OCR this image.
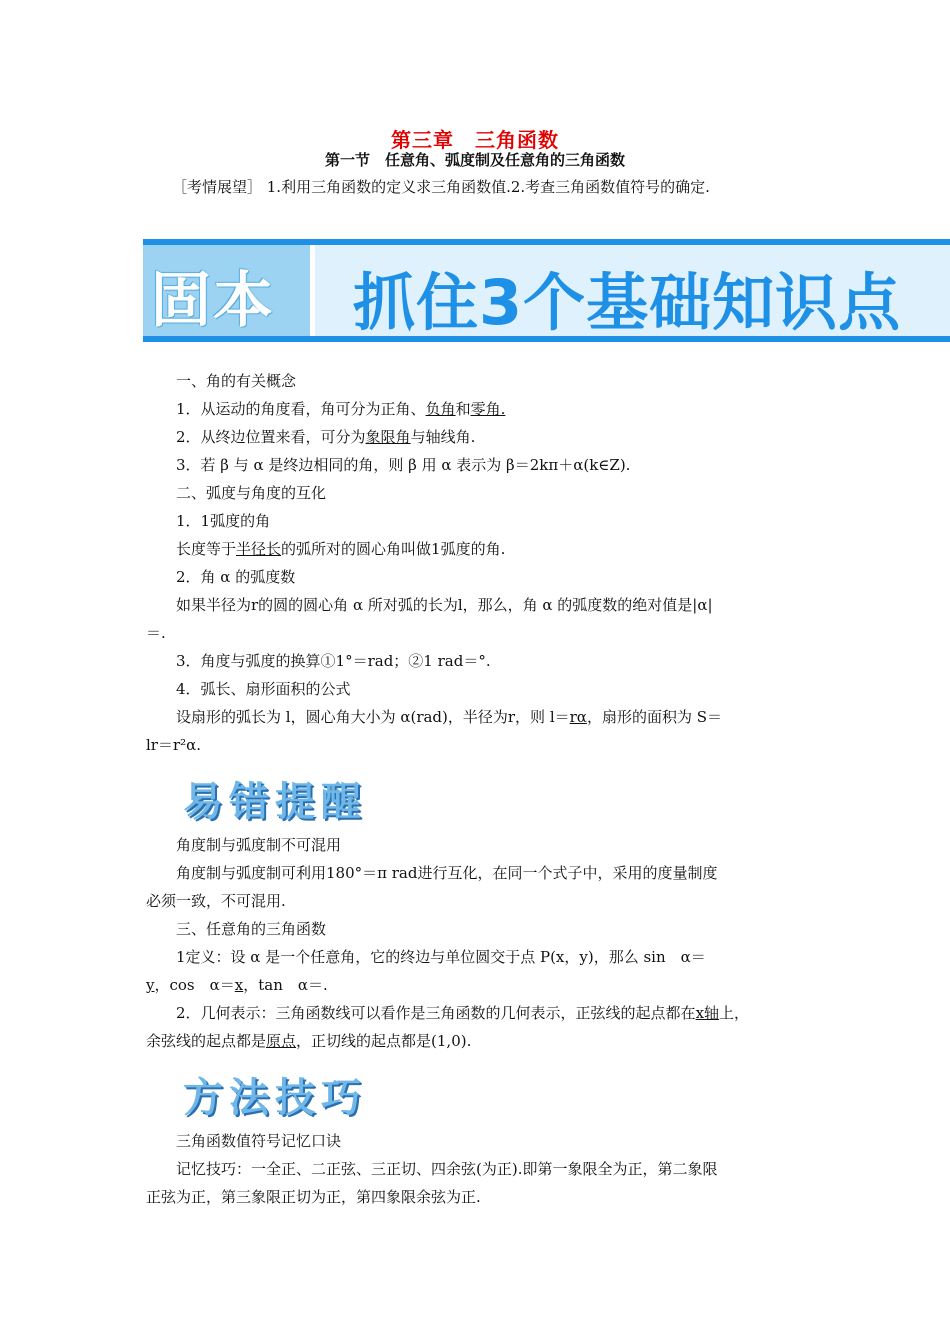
第三章　三角函数
第一节　任意角、弧度制及任意角的三角函数
［考情展望］ 1.利用三角函数的定义求三角函数值.2.考查三角函数值符号的确定.
固本 抓住3个基础知识点
一、角的有关概念
1．从运动的角度看，角可分为正角、负角和零角.
2．从终边位置来看，可分为象限角与轴线角.
3．若 β 与 α 是终边相同的角，则 β 用 α 表示为 β＝2kπ＋α(k∈Z).
二、弧度与角度的互化
1．1弧度的角
长度等于半径长的弧所对的圆心角叫做1弧度的角.
2．角 α 的弧度数
如果半径为r的圆的圆心角 α 所对弧的长为l，那么，角 α 的弧度数的绝对值是|α|
＝.
3．角度与弧度的换算①1°＝rad；②1 rad＝°.
4．弧长、扇形面积的公式
设扇形的弧长为 l，圆心角大小为 α(rad)，半径为r，则 l＝rα，扇形的面积为 S＝
lr＝r²α.
易错提醒
角度制与弧度制不可混用
角度制与弧度制可利用180°＝π rad进行互化，在同一个式子中，采用的度量制度
必须一致，不可混用.
三、任意角的三角函数
1定义：设 α 是一个任意角，它的终边与单位圆交于点 P(x，y)，那么 sin　α＝
y，cos　α＝x，tan　α＝.
2．几何表示：三角函数线可以看作是三角函数的几何表示，正弦线的起点都在x轴上，
余弦线的起点都是原点，正切线的起点都是(1,0).
方法技巧
三角函数值符号记忆口诀
记忆技巧：一全正、二正弦、三正切、四余弦(为正).即第一象限全为正，第二象限
正弦为正，第三象限正切为正，第四象限余弦为正.
